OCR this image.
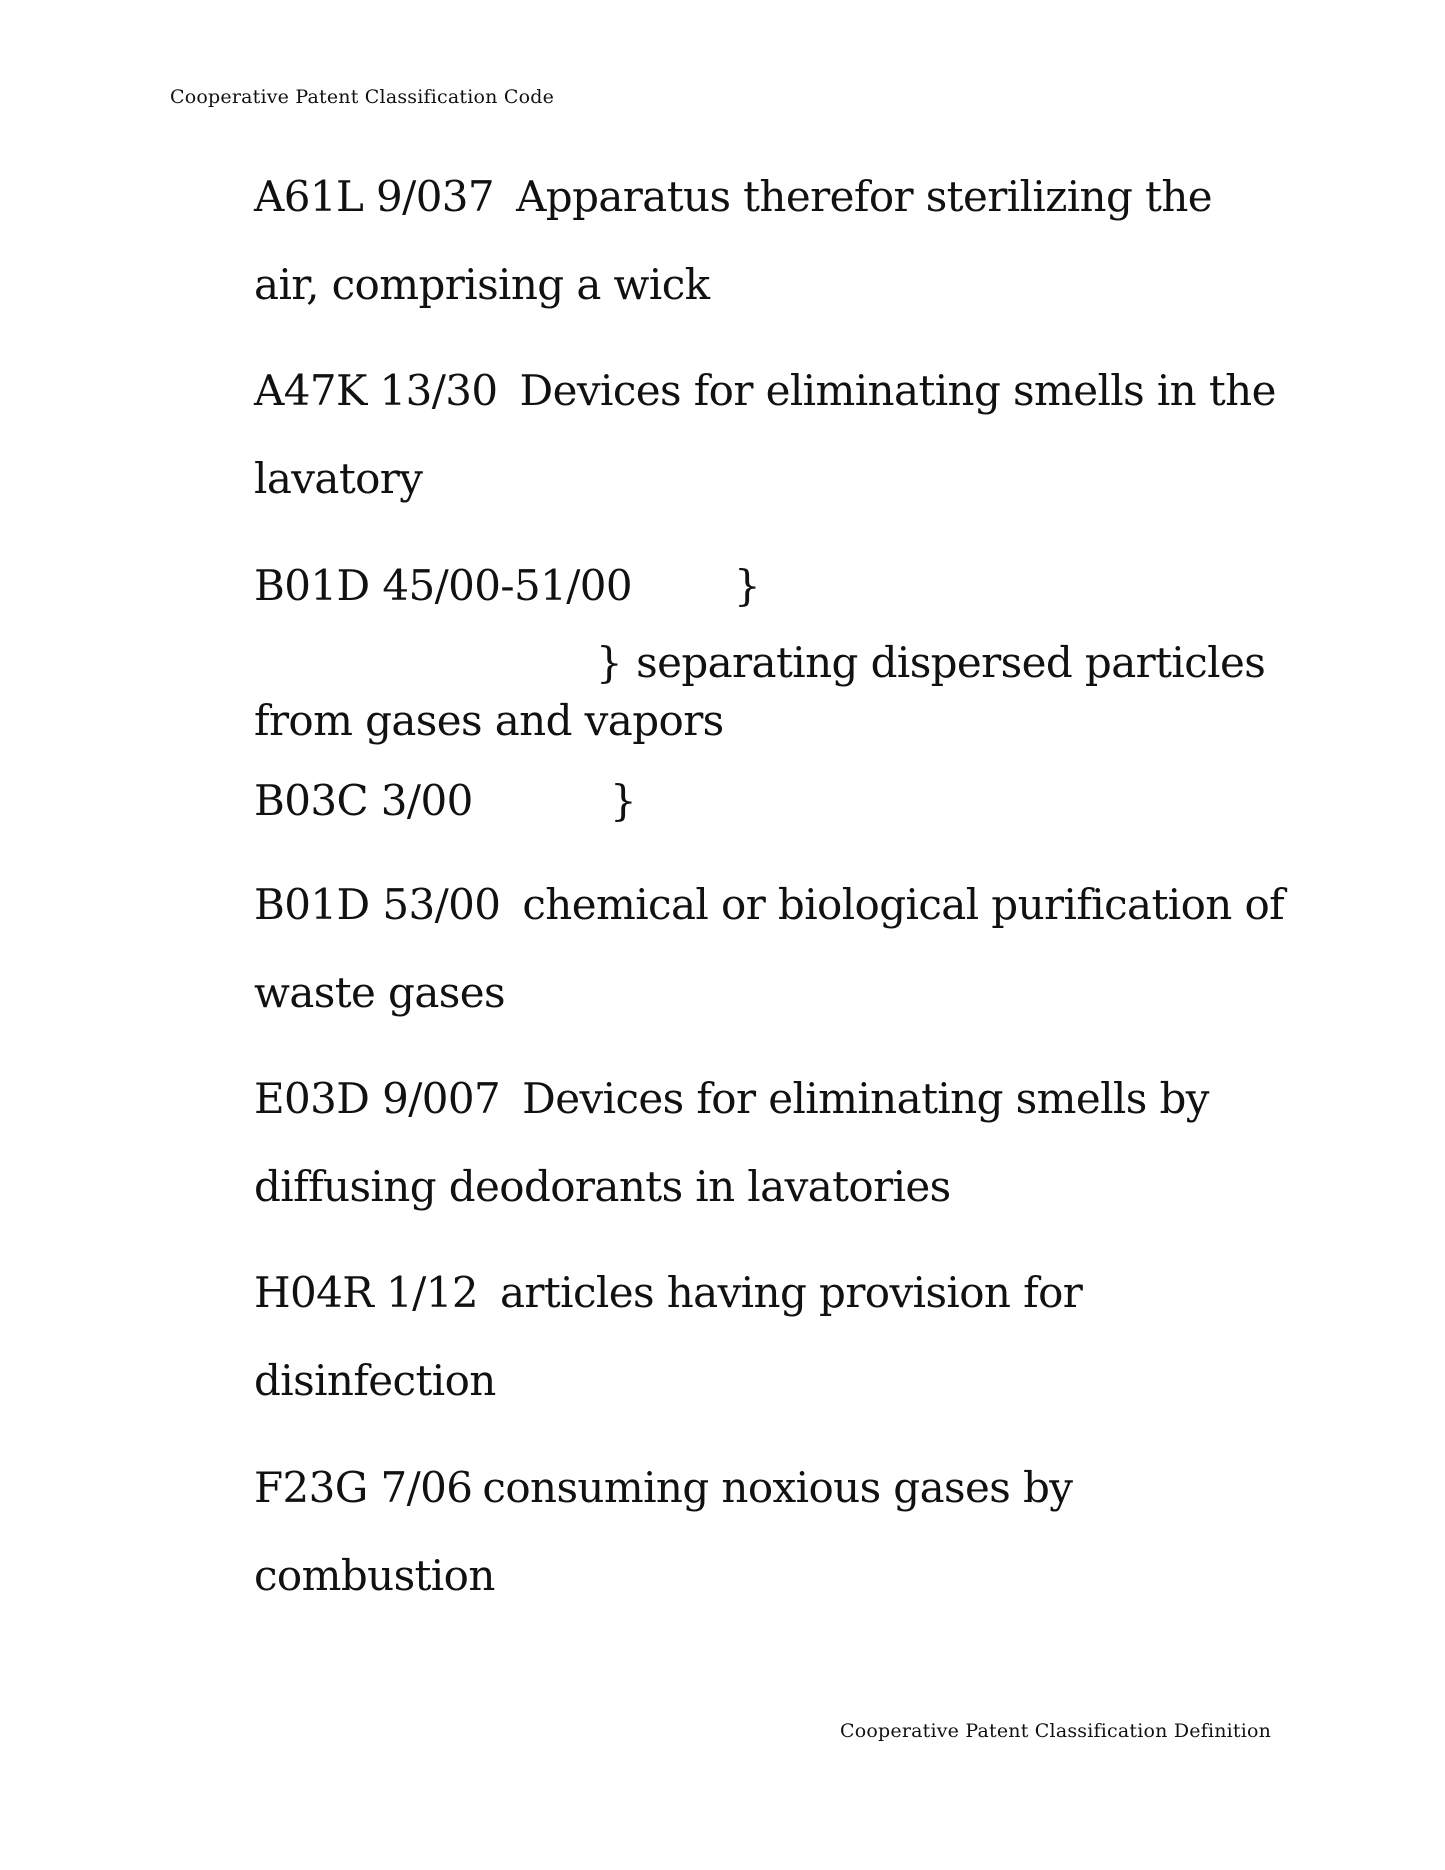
Cooperative Patent Classification Code
A61L 9/037 Apparatus therefor sterilizing the
air, comprising a wick
A47K 13/30 Devices for eliminating smells in the
lavatory
B01D 45/00-51/00 }
} separating dispersed particles
from gases and vapors
B03C 3/00	}
B01D 53/00 chemical or biological purification of
waste gases
E03D 9/007 Devices for eliminating smells by
diffusing deodorants in lavatories
H04R 1/12 articles having provision for
disinfection
F23G 7/06 consuming noxious gases by
combustion
Cooperative Patent Classification Definition
